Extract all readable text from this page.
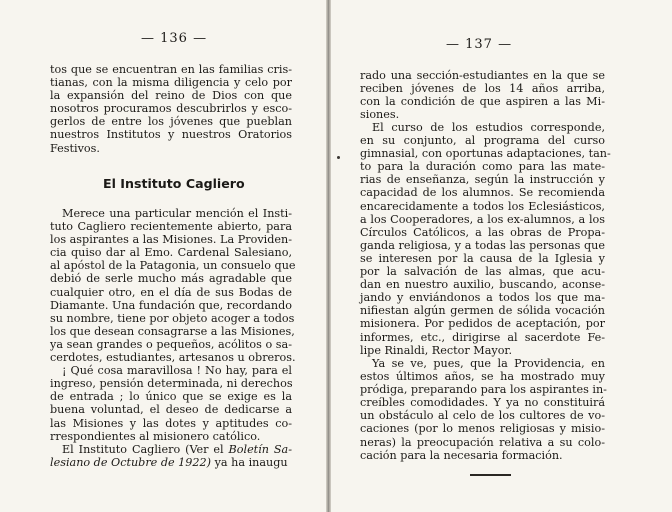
— 136 —
tos que se encuentran en las familias cris-
tianas, con la misma diligencia y celo por
la expansión del reino de Dios con que
nosotros procuramos descubrirlos y esco-
gerlos de entre los jóvenes que pueblan
nuestros Institutos y nuestros Oratorios
Festivos.
El Instituto Cagliero
Merece una particular mención el Insti-
tuto Cagliero recientemente abierto, para
los aspirantes a las Misiones. La Providen-
cia quiso dar al Emo. Cardenal Salesiano,
al apóstol de la Patagonia, un consuelo que
debió de serle mucho más agradable que
cualquier otro, en el día de sus Bodas de
Diamante. Una fundación que, recordando
su nombre, tiene por objeto acoger a todos
los que desean consagrarse a las Misiones,
ya sean grandes o pequeños, acólitos o sa-
cerdotes, estudiantes, artesanos u obreros.
¡ Qué cosa maravillosa ! No hay, para el
ingreso, pensión determinada, ni derechos
de entrada ; lo único que se exige es la
buena voluntad, el deseo de dedicarse a
las Misiones y las dotes y aptitudes co-
rrespondientes al misionero católico.
El Instituto Cagliero (Ver el Boletín Sa-
lesiano de Octubre de 1922) ya ha inaugu
— 137 —
rado una sección-estudiantes en la que se
reciben jóvenes de los 14 años arriba,
con la condición de que aspiren a las Mi-
siones.
El curso de los estudios corresponde,
en su conjunto, al programa del curso
gimnasial, con oportunas adaptaciones, tan-
to para la duración como para las mate-
rias de enseñanza, según la instrucción y
capacidad de los alumnos. Se recomienda
encarecidamente a todos los Eclesiásticos,
a los Cooperadores, a los ex-alumnos, a los
Círculos Católicos, a las obras de Propa-
ganda religiosa, y a todas las personas que
se interesen por la causa de la Iglesia y
por la salvación de las almas, que acu-
dan en nuestro auxilio, buscando, aconse-
jando y enviándonos a todos los que ma-
nifiestan algún germen de sólida vocación
misionera. Por pedidos de aceptación, por
informes, etc., dirigirse al sacerdote Fe-
lipe Rinaldi, Rector Mayor.
Ya se ve, pues, que la Providencia, en
estos últimos años, se ha mostrado muy
pródiga, preparando para los aspirantes in-
creíbles comodidades. Y ya no constituirá
un obstáculo al celo de los cultores de vo-
caciones (por lo menos religiosas y misio-
neras) la preocupación relativa a su colo-
cación para la necesaria formación.
